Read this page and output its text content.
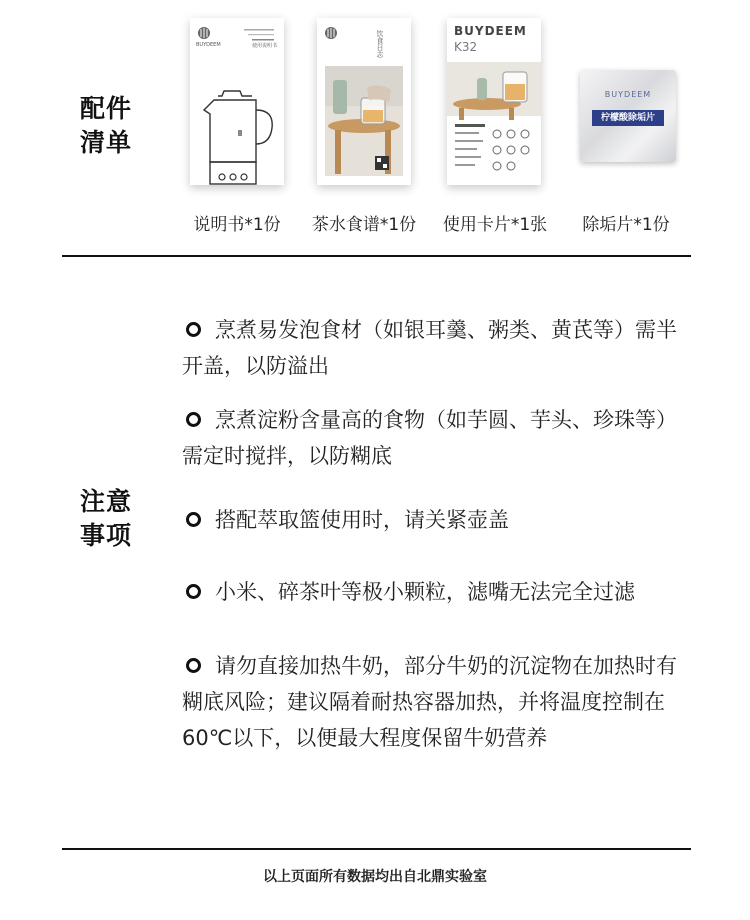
配件
清单
BUYDEEM	使用说明书
说明书*1份
饮食日志
茶水食谱*1份
BUYDEEM
K32
使用卡片*1张
BUYDEEM
柠檬酸除垢片
除垢片*1份
注意
事项
烹煮易发泡食材（如银耳羹、粥类、黄芪等）需半开盖，以防溢出
烹煮淀粉含量高的食物（如芋圆、芋头、珍珠等）需定时搅拌，以防糊底
搭配萃取篮使用时，请关紧壶盖
小米、碎茶叶等极小颗粒，滤嘴无法完全过滤
请勿直接加热牛奶，部分牛奶的沉淀物在加热时有糊底风险；建议隔着耐热容器加热，并将温度控制在 60℃以下，以便最大程度保留牛奶营养
以上页面所有数据均出自北鼎实验室
